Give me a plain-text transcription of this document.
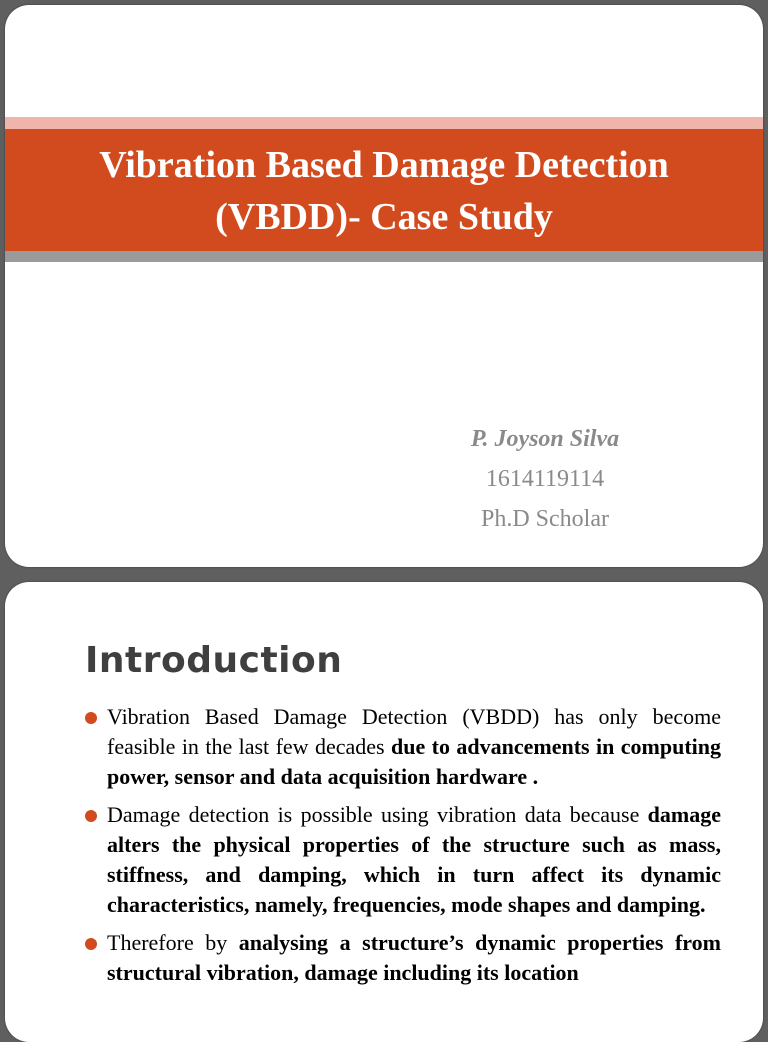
Vibration Based Damage Detection
(VBDD)- Case Study
P. Joyson Silva
1614119114
Ph.D Scholar
Introduction
Vibration Based Damage Detection (VBDD) has only become feasible in the last few decades due to advancements in computing power, sensor and data acquisition hardware .
Damage detection is possible using vibration data because damage alters the physical properties of the structure such as mass, stiffness, and damping, which in turn affect its dynamic characteristics, namely, frequencies, mode shapes and damping.
Therefore by analysing a structure’s dynamic properties from structural vibration, damage including its location
